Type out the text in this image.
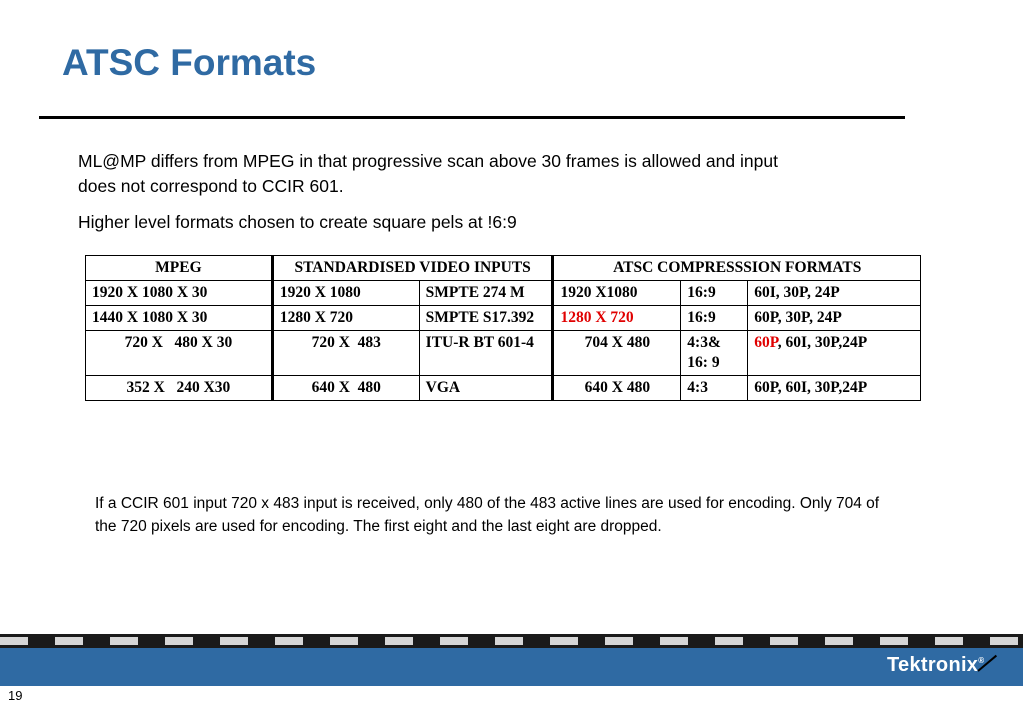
ATSC Formats

ML@MP differs from MPEG in that progressive scan above 30 frames is allowed and input does not correspond to CCIR 601.

Higher level formats chosen to create square pels at !6:9

MPEG	STANDARDISED VIDEO INPUTS		ATSC COMPRESSSION FORMATS		
1920 X 1080 X 30	1920 X 1080	SMPTE 274 M	1920 X1080	16:9	60I, 30P, 24P
1440 X 1080 X 30	1280 X 720	SMPTE S17.392	1280 X 720	16:9	60P, 30P, 24P
720 X   480 X 30	720 X  483	ITU-R BT 601-4	704 X 480	4:3& 16: 9	60P, 60I, 30P,24P
352 X   240 X30	640 X  480	VGA	640 X 480	4:3	60P, 60I, 30P,24P

If a CCIR 601 input 720 x 483 input is received, only 480 of the 483 active lines are used for encoding. Only 704 of the 720 pixels are used for encoding. The first eight and the last eight are dropped.

Tektronix®
19
